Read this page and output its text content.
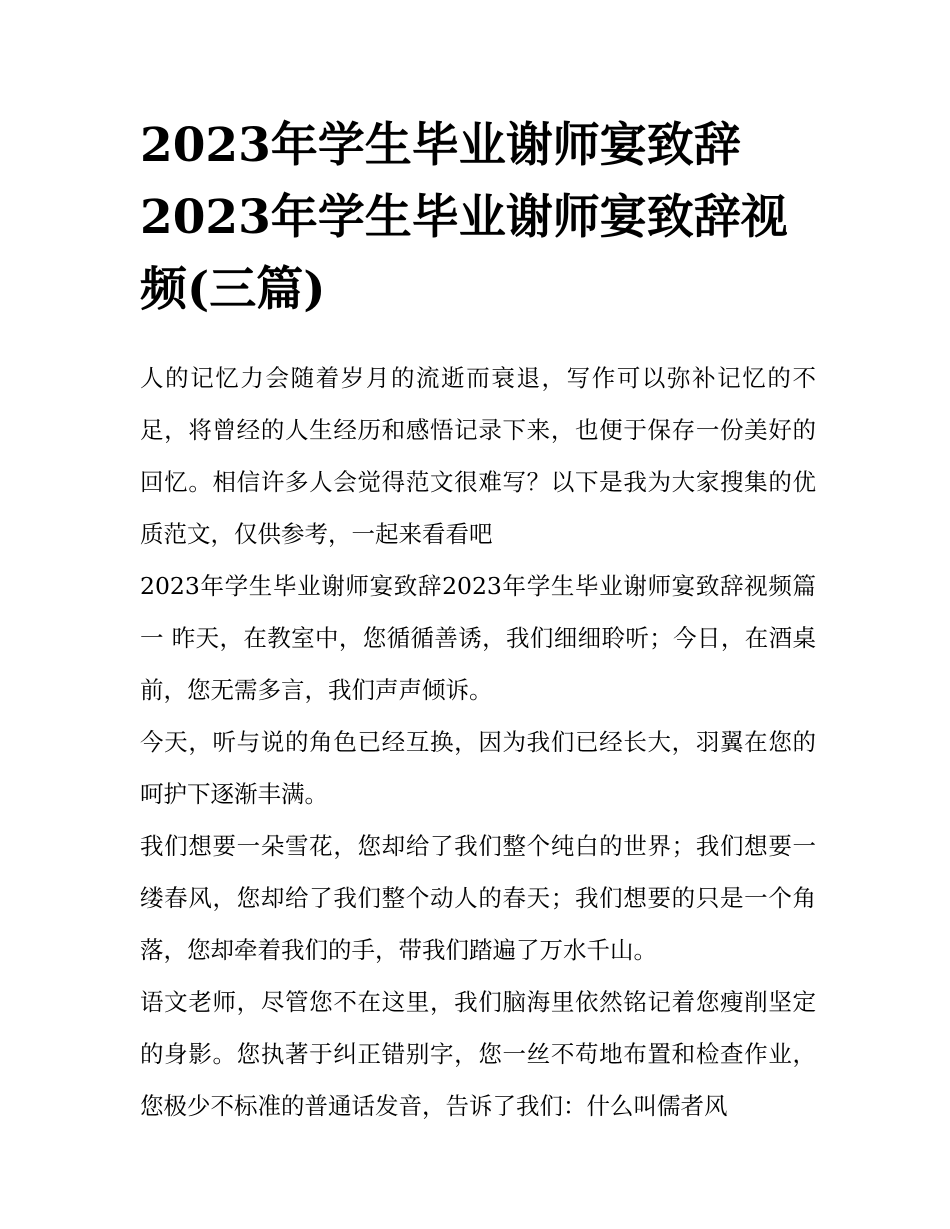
2023年学生毕业谢师宴致辞2023年学生毕业谢师宴致辞视频(三篇)

人的记忆力会随着岁月的流逝而衰退，写作可以弥补记忆的不足，将曾经的人生经历和感悟记录下来，也便于保存一份美好的回忆。相信许多人会觉得范文很难写？以下是我为大家搜集的优质范文，仅供参考，一起来看看吧

2023年学生毕业谢师宴致辞2023年学生毕业谢师宴致辞视频篇一 昨天，在教室中，您循循善诱，我们细细聆听；今日，在酒桌前，您无需多言，我们声声倾诉。

今天，听与说的角色已经互换，因为我们已经长大，羽翼在您的呵护下逐渐丰满。

我们想要一朵雪花，您却给了我们整个纯白的世界；我们想要一缕春风，您却给了我们整个动人的春天；我们想要的只是一个角落，您却牵着我们的手，带我们踏遍了万水千山。

语文老师，尽管您不在这里，我们脑海里依然铭记着您瘦削坚定的身影。您执著于纠正错别字，您一丝不苟地布置和检查作业，您极少不标准的普通话发音，告诉了我们：什么叫儒者风
